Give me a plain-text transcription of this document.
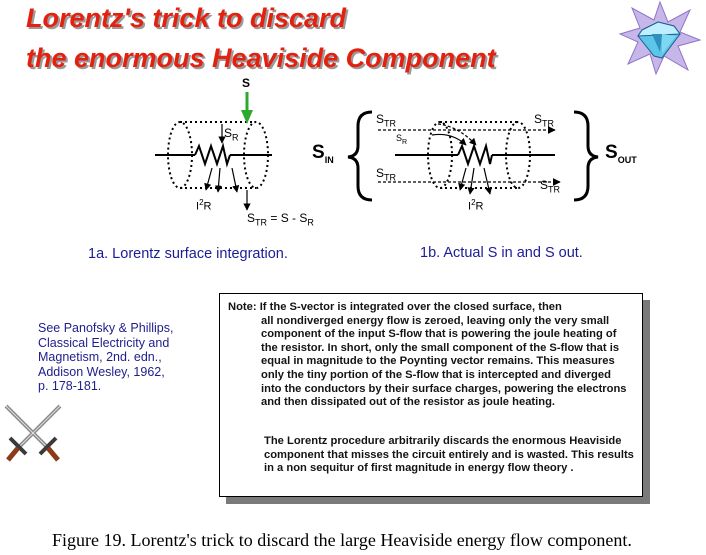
Lorentz's trick to discard
the enormous Heaviside Component
S
$S_R$
$I^2R$
$S_{TR} = S - S_R$
1a. Lorentz surface integration.
$S_{IN}$	$S_{OUT}$
$S_{TR}$	$S_{TR}$
$S_R$
$S_{TR}$
$S_{TR}$
$I^2R$
1b. Actual S in and S out.
See Panofsky & Phillips,
Classical Electricity and
Magnetism, 2nd. edn.,
Addison Wesley, 1962,
p. 178-181.
Note: If the S-vector is integrated over the closed surface, then
all nondiverged energy flow is zeroed, leaving only the very small component of the input S-flow that is powering the joule heating of the resistor. In short, only the small component of the S-flow that is equal in magnitude to the Poynting vector remains. This measures only the tiny portion of the S-flow that is intercepted and diverged into the conductors by their surface charges, powering the electrons and then dissipated out of the resistor as joule heating.
The Lorentz procedure arbitrarily discards the enormous Heaviside component that misses the circuit entirely and is wasted. This results in a non sequitur of first magnitude in energy flow theory .
Figure 19. Lorentz's trick to discard the large Heaviside energy flow component.
